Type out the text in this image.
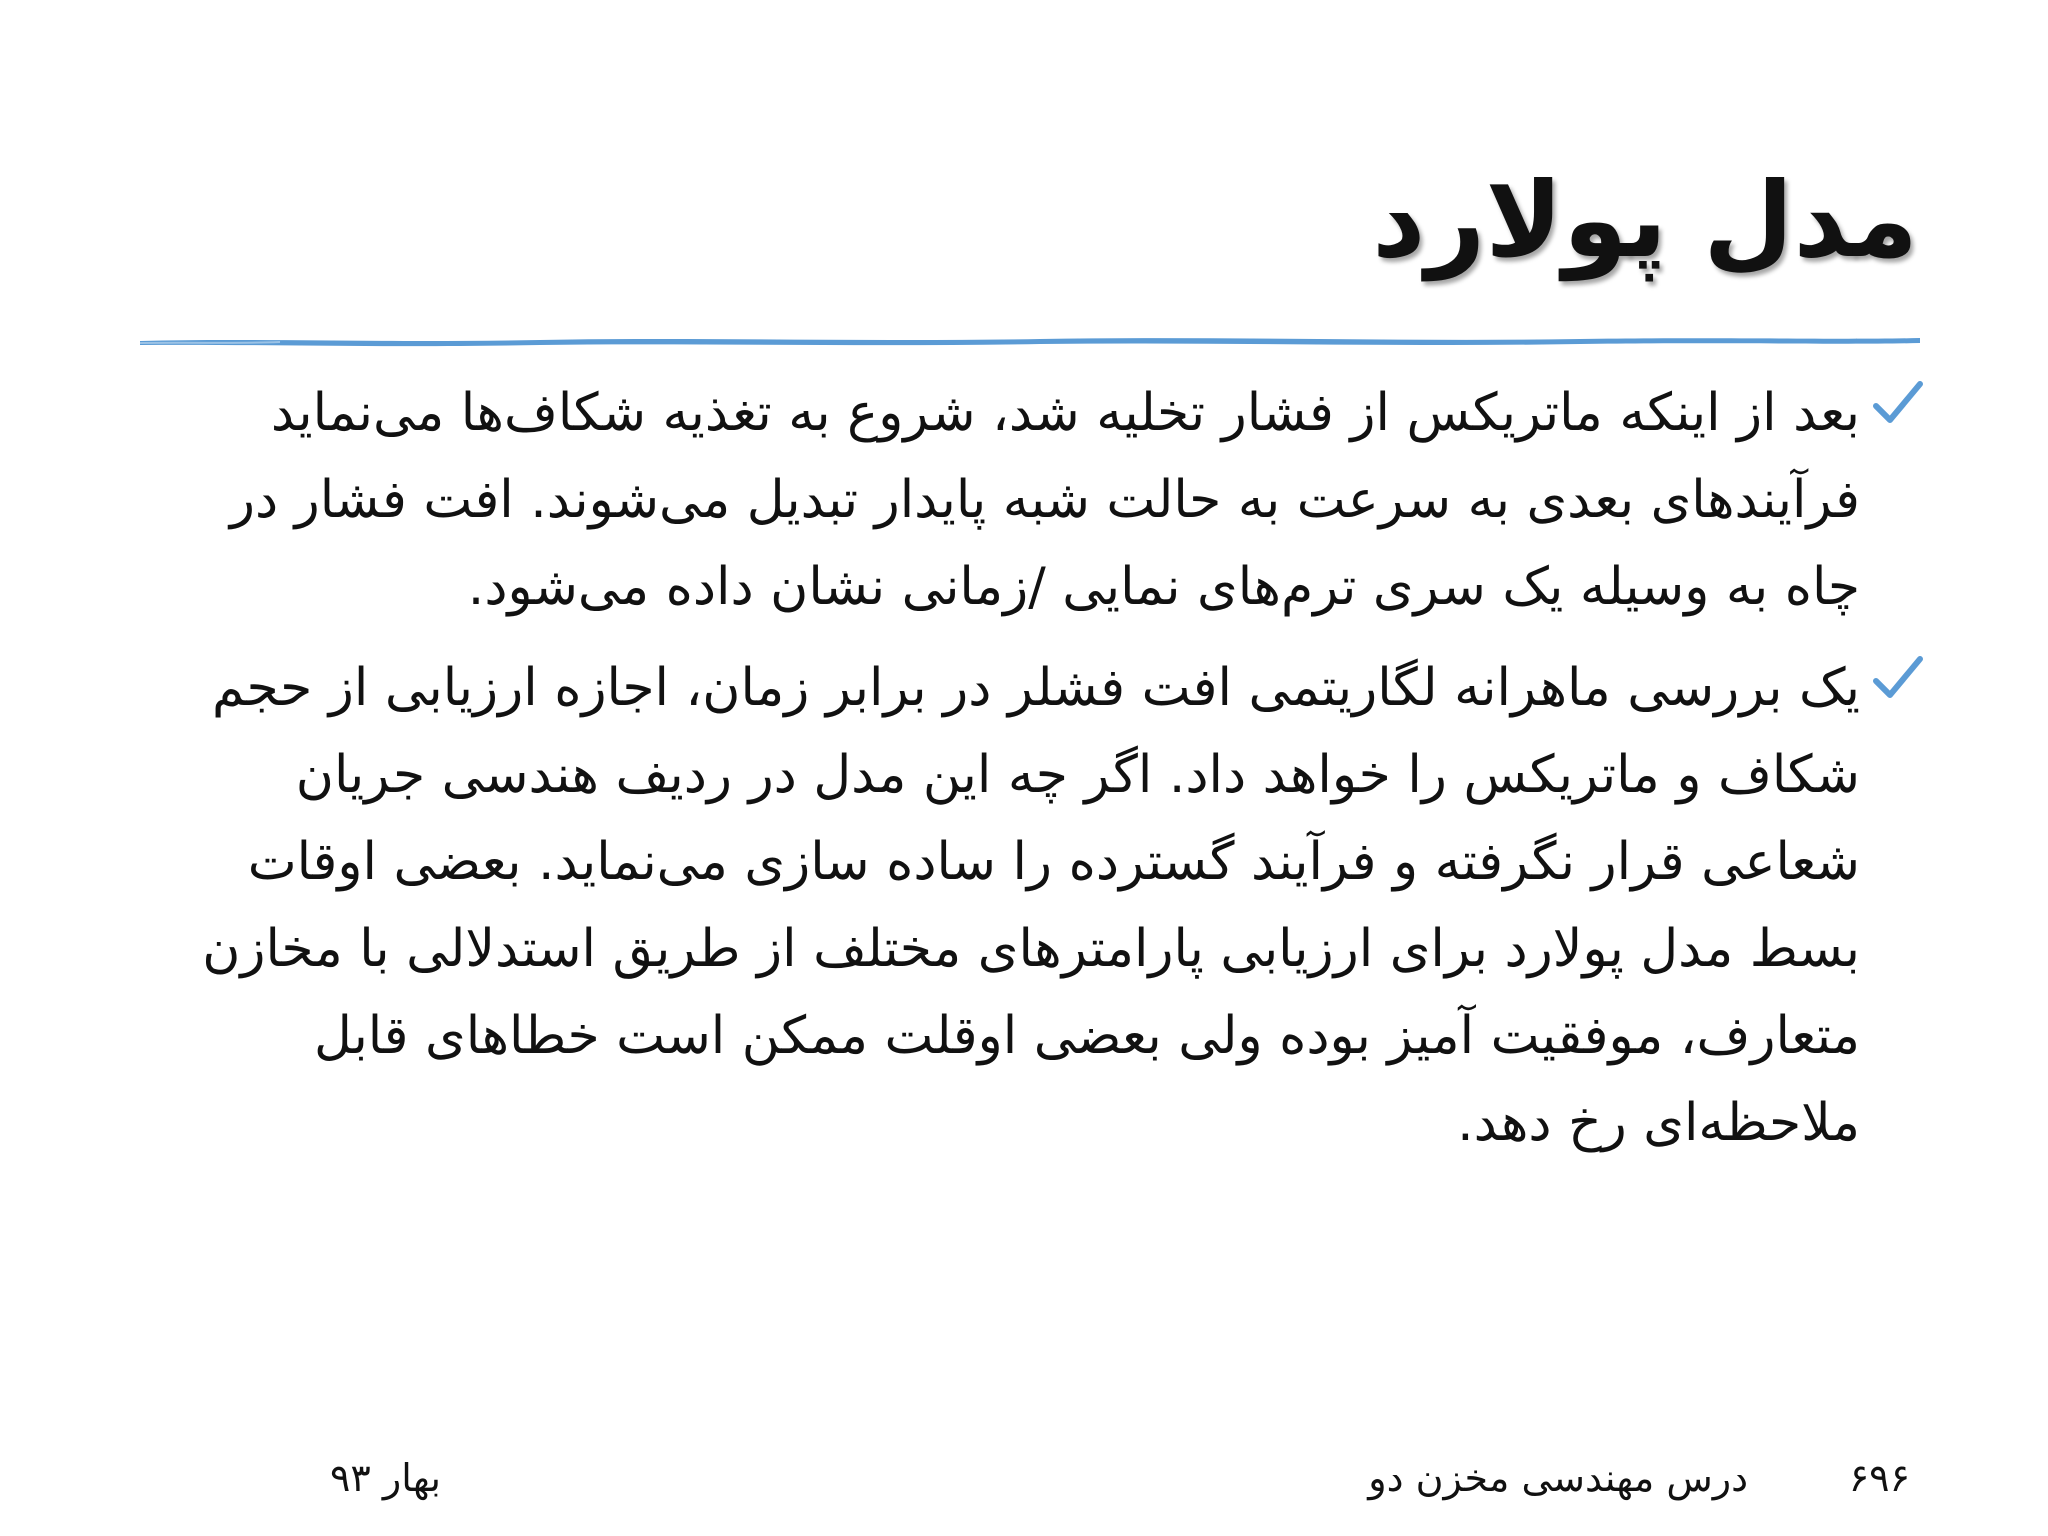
مدل پولارد

بعد از اینکه ماتریکس از فشار تخلیه شد، شروع به تغذیه شکاف‌ها می‌نماید فرآیندهای بعدی به سرعت به حالت شبه پایدار تبدیل می‌شوند. افت فشار در چاه به وسیله یک سری ترم‌های نمایی /زمانی نشان داده می‌شود.

یک بررسی ماهرانه لگاریتمی افت فشلر در برابر زمان، اجازه ارزیابی از حجم شکاف و ماتریکس را خواهد داد. اگر چه این مدل در ردیف هندسی جریان شعاعی قرار نگرفته و فرآیند گسترده را ساده سازی می‌نماید. بعضی اوقات بسط مدل پولارد برای ارزیابی پارامترهای مختلف از طریق استدلالی با مخازن متعارف، موفقیت آمیز بوده ولی بعضی اوقلت ممکن است خطاهای قابل ملاحظه‌ای رخ دهد.

۶۹۶
درس مهندسی مخزن دو
بهار ۹۳
